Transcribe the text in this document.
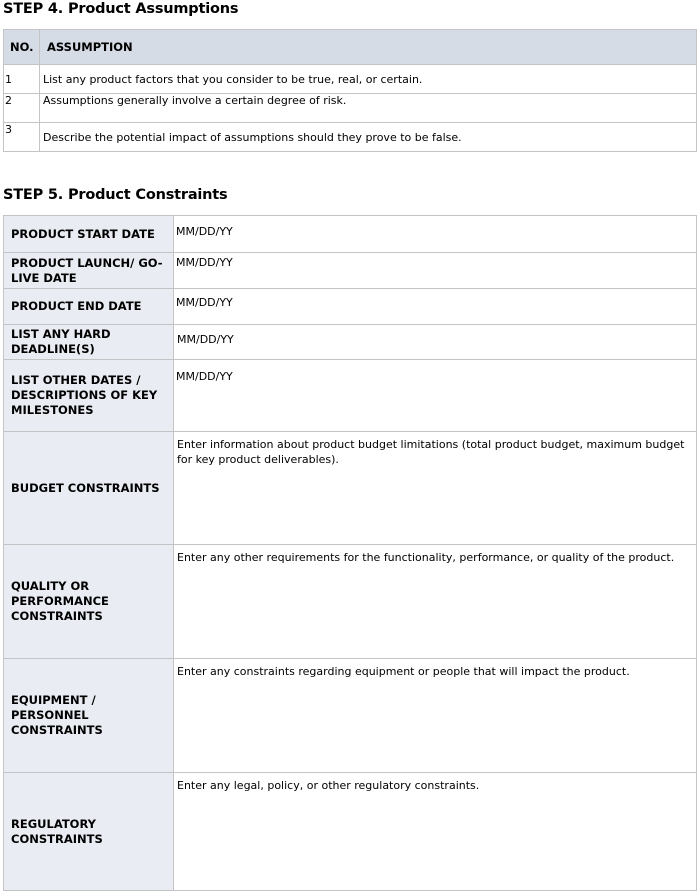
STEP 4. Product Assumptions
NO.	ASSUMPTION
1	List any product factors that you consider to be true, real, or certain.
2	Assumptions generally involve a certain degree of risk.
3	Describe the potential impact of assumptions should they prove to be false.
STEP 5. Product Constraints
PRODUCT START DATE	MM/DD/YY
PRODUCT LAUNCH/ GO-LIVE DATE	MM/DD/YY
PRODUCT END DATE	MM/DD/YY
LIST ANY HARD DEADLINE(S)	MM/DD/YY
LIST OTHER DATES / DESCRIPTIONS OF KEY MILESTONES	MM/DD/YY
BUDGET CONSTRAINTS	Enter information about product budget limitations (total product budget, maximum budget for key product deliverables).
QUALITY OR PERFORMANCE CONSTRAINTS	Enter any other requirements for the functionality, performance, or quality of the product.
EQUIPMENT / PERSONNEL CONSTRAINTS	Enter any constraints regarding equipment or people that will impact the product.
REGULATORY CONSTRAINTS	Enter any legal, policy, or other regulatory constraints.
